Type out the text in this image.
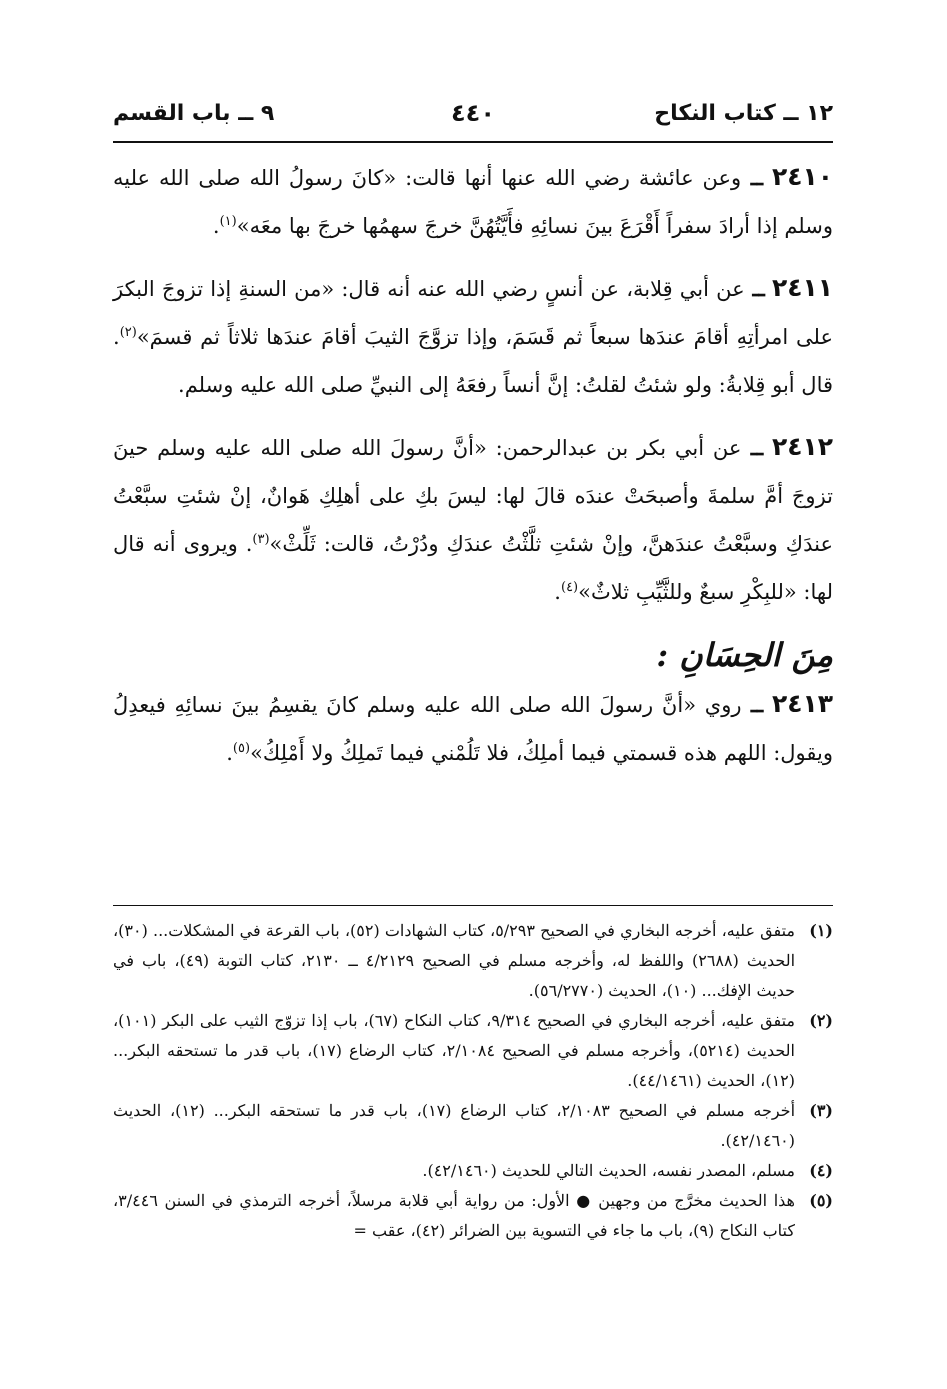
١٢ ــ كتاب النكاح
٤٤٠
٩ ــ باب القسم

٢٤١٠ ــ وعن عائشة رضي الله عنها أنها قالت: «كانَ رسولُ الله صلى الله عليه وسلم إذا أرادَ سفراً أَقْرَعَ بينَ نسائِهِ فأَيَّتُهُنَّ خرجَ سهمُها خرجَ بها معَه»$^{(١)}$.

٢٤١١ ــ عن أبي قِلابة، عن أنسٍ رضي الله عنه أنه قال: «من السنةِ إذا تزوجَ البكرَ على امرأتِهِ أقامَ عندَها سبعاً ثم قَسَمَ، وإذا تزوَّجَ الثيبَ أقامَ عندَها ثلاثاً ثم قسمَ»$^{(٢)}$. قال أبو قِلابةُ: ولو شئتُ لقلتُ: إنَّ أنساً رفعَهُ إلى النبيِّ صلى الله عليه وسلم.

٢٤١٢ ــ عن أبي بكر بن عبدالرحمن: «أنَّ رسولَ الله صلى الله عليه وسلم حينَ تزوجَ أمَّ سلمةَ وأصبحَتْ عندَه قالَ لها: ليسَ بكِ على أهلِكِ هَوانٌ، إنْ شئتِ سبَّعْتُ عندَكِ وسبَّعْتُ عندَهنَّ، وإنْ شئتِ ثلَّثْتُ عندَكِ ودُرْتُ، قالت: ثَلِّثْ»$^{(٣)}$. ويروى أنه قال لها: «للبِكْرِ سبعٌ وللثَّيِّبِ ثلاثٌ»$^{(٤)}$.

مِنَ الحِسَانِ :

٢٤١٣ ــ روي «أنَّ رسولَ الله صلى الله عليه وسلم كانَ يقسِمُ بينَ نسائِهِ فيعدِلُ ويقول: اللهم هذه قسمتي فيما أملِكُ، فلا تَلُمْني فيما تَملِكُ ولا أَمْلِكُ»$^{(٥)}$.

(١)
متفق عليه، أخرجه البخاري في الصحيح ٥/٢٩٣، كتاب الشهادات (٥٢)، باب القرعة في المشكلات... (٣٠)، الحديث (٢٦٨٨) واللفظ له، وأخرجه مسلم في الصحيح ٤/٢١٢٩ ــ ٢١٣٠، كتاب التوبة (٤٩)، باب في حديث الإفك... (١٠)، الحديث (٥٦/٢٧٧٠).

(٢)
متفق عليه، أخرجه البخاري في الصحيح ٩/٣١٤، كتاب النكاح (٦٧)، باب إذا تزوّج الثيب على البكر (١٠١)، الحديث (٥٢١٤)، وأخرجه مسلم في الصحيح ٢/١٠٨٤، كتاب الرضاع (١٧)، باب قدر ما تستحقه البكر... (١٢)، الحديث (٤٤/١٤٦١).

(٣)
أخرجه مسلم في الصحيح ٢/١٠٨٣، كتاب الرضاع (١٧)، باب قدر ما تستحقه البكر... (١٢)، الحديث (٤٢/١٤٦٠).

(٤)
مسلم، المصدر نفسه، الحديث التالي للحديث (٤٢/١٤٦٠).

(٥)
هذا الحديث مخرَّج من وجهين ● الأول: من رواية أبي قلابة مرسلاً، أخرجه الترمذي في السنن ٣/٤٤٦، كتاب النكاح (٩)، باب ما جاء في التسوية بين الضرائر (٤٢)، عقب =
